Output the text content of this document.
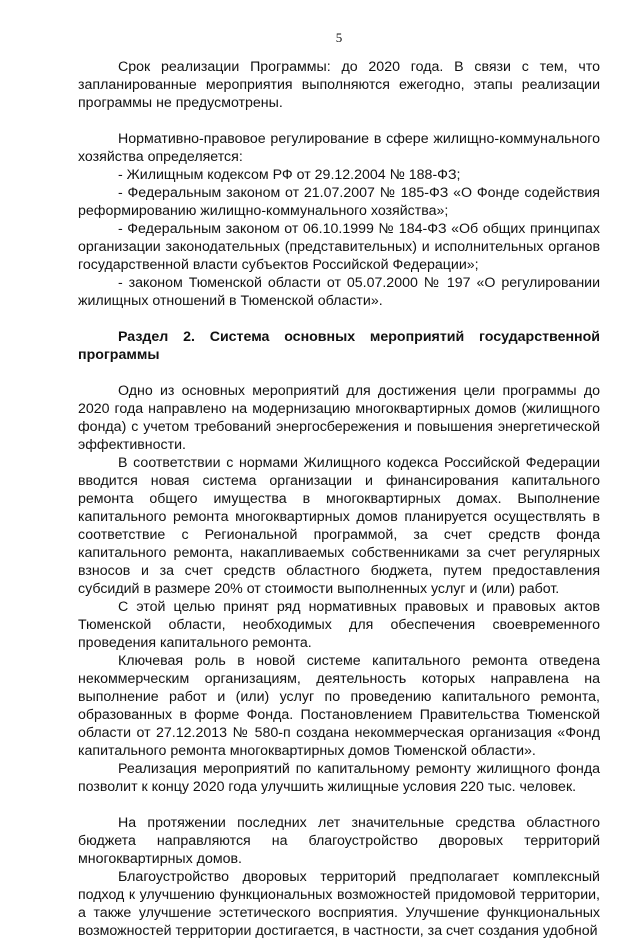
5

Срок реализации Программы: до 2020 года. В связи с тем, что запланированные мероприятия выполняются ежегодно, этапы реализации программы не предусмотрены.

Нормативно-правовое регулирование в сфере жилищно-коммунального хозяйства определяется:

- Жилищным кодексом РФ от 29.12.2004 № 188-ФЗ;

- Федеральным законом от 21.07.2007 № 185-ФЗ «О Фонде содействия реформированию жилищно-коммунального хозяйства»;

- Федеральным законом от 06.10.1999 № 184-ФЗ «Об общих принципах организации законодательных (представительных) и исполнительных органов государственной власти субъектов Российской Федерации»;

- законом Тюменской области от 05.07.2000 № 197 «О регулировании жилищных отношений в Тюменской области».

Раздел 2. Система основных мероприятий государственной программы

Одно из основных мероприятий для достижения цели программы до 2020 года направлено на модернизацию многоквартирных домов (жилищного фонда) с учетом требований энергосбережения и повышения энергетической эффективности.

В соответствии с нормами Жилищного кодекса Российской Федерации вводится новая система организации и финансирования капитального ремонта общего имущества в многоквартирных домах. Выполнение капитального ремонта многоквартирных домов планируется осуществлять в соответствие с Региональной программой, за счет средств фонда капитального ремонта, накапливаемых собственниками за счет регулярных взносов и за счет средств областного бюджета, путем предоставления субсидий в размере 20% от стоимости выполненных услуг и (или) работ.

С этой целью принят ряд нормативных правовых и правовых актов Тюменской области, необходимых для обеспечения своевременного проведения капитального ремонта.

Ключевая роль в новой системе капитального ремонта отведена некоммерческим организациям, деятельность которых направлена на выполнение работ и (или) услуг по проведению капитального ремонта, образованных в форме Фонда. Постановлением Правительства Тюменской области от 27.12.2013 № 580-п создана некоммерческая организация «Фонд капитального ремонта многоквартирных домов Тюменской области».

Реализация мероприятий по капитальному ремонту жилищного фонда позволит к концу 2020 года улучшить жилищные условия 220 тыс. человек.

На протяжении последних лет значительные средства областного бюджета направляются на благоустройство дворовых территорий многоквартирных домов.

Благоустройство дворовых территорий предполагает комплексный подход к улучшению функциональных возможностей придомовой территории, а также улучшение эстетического восприятия. Улучшение функциональных возможностей территории достигается, в частности, за счет создания удобной
